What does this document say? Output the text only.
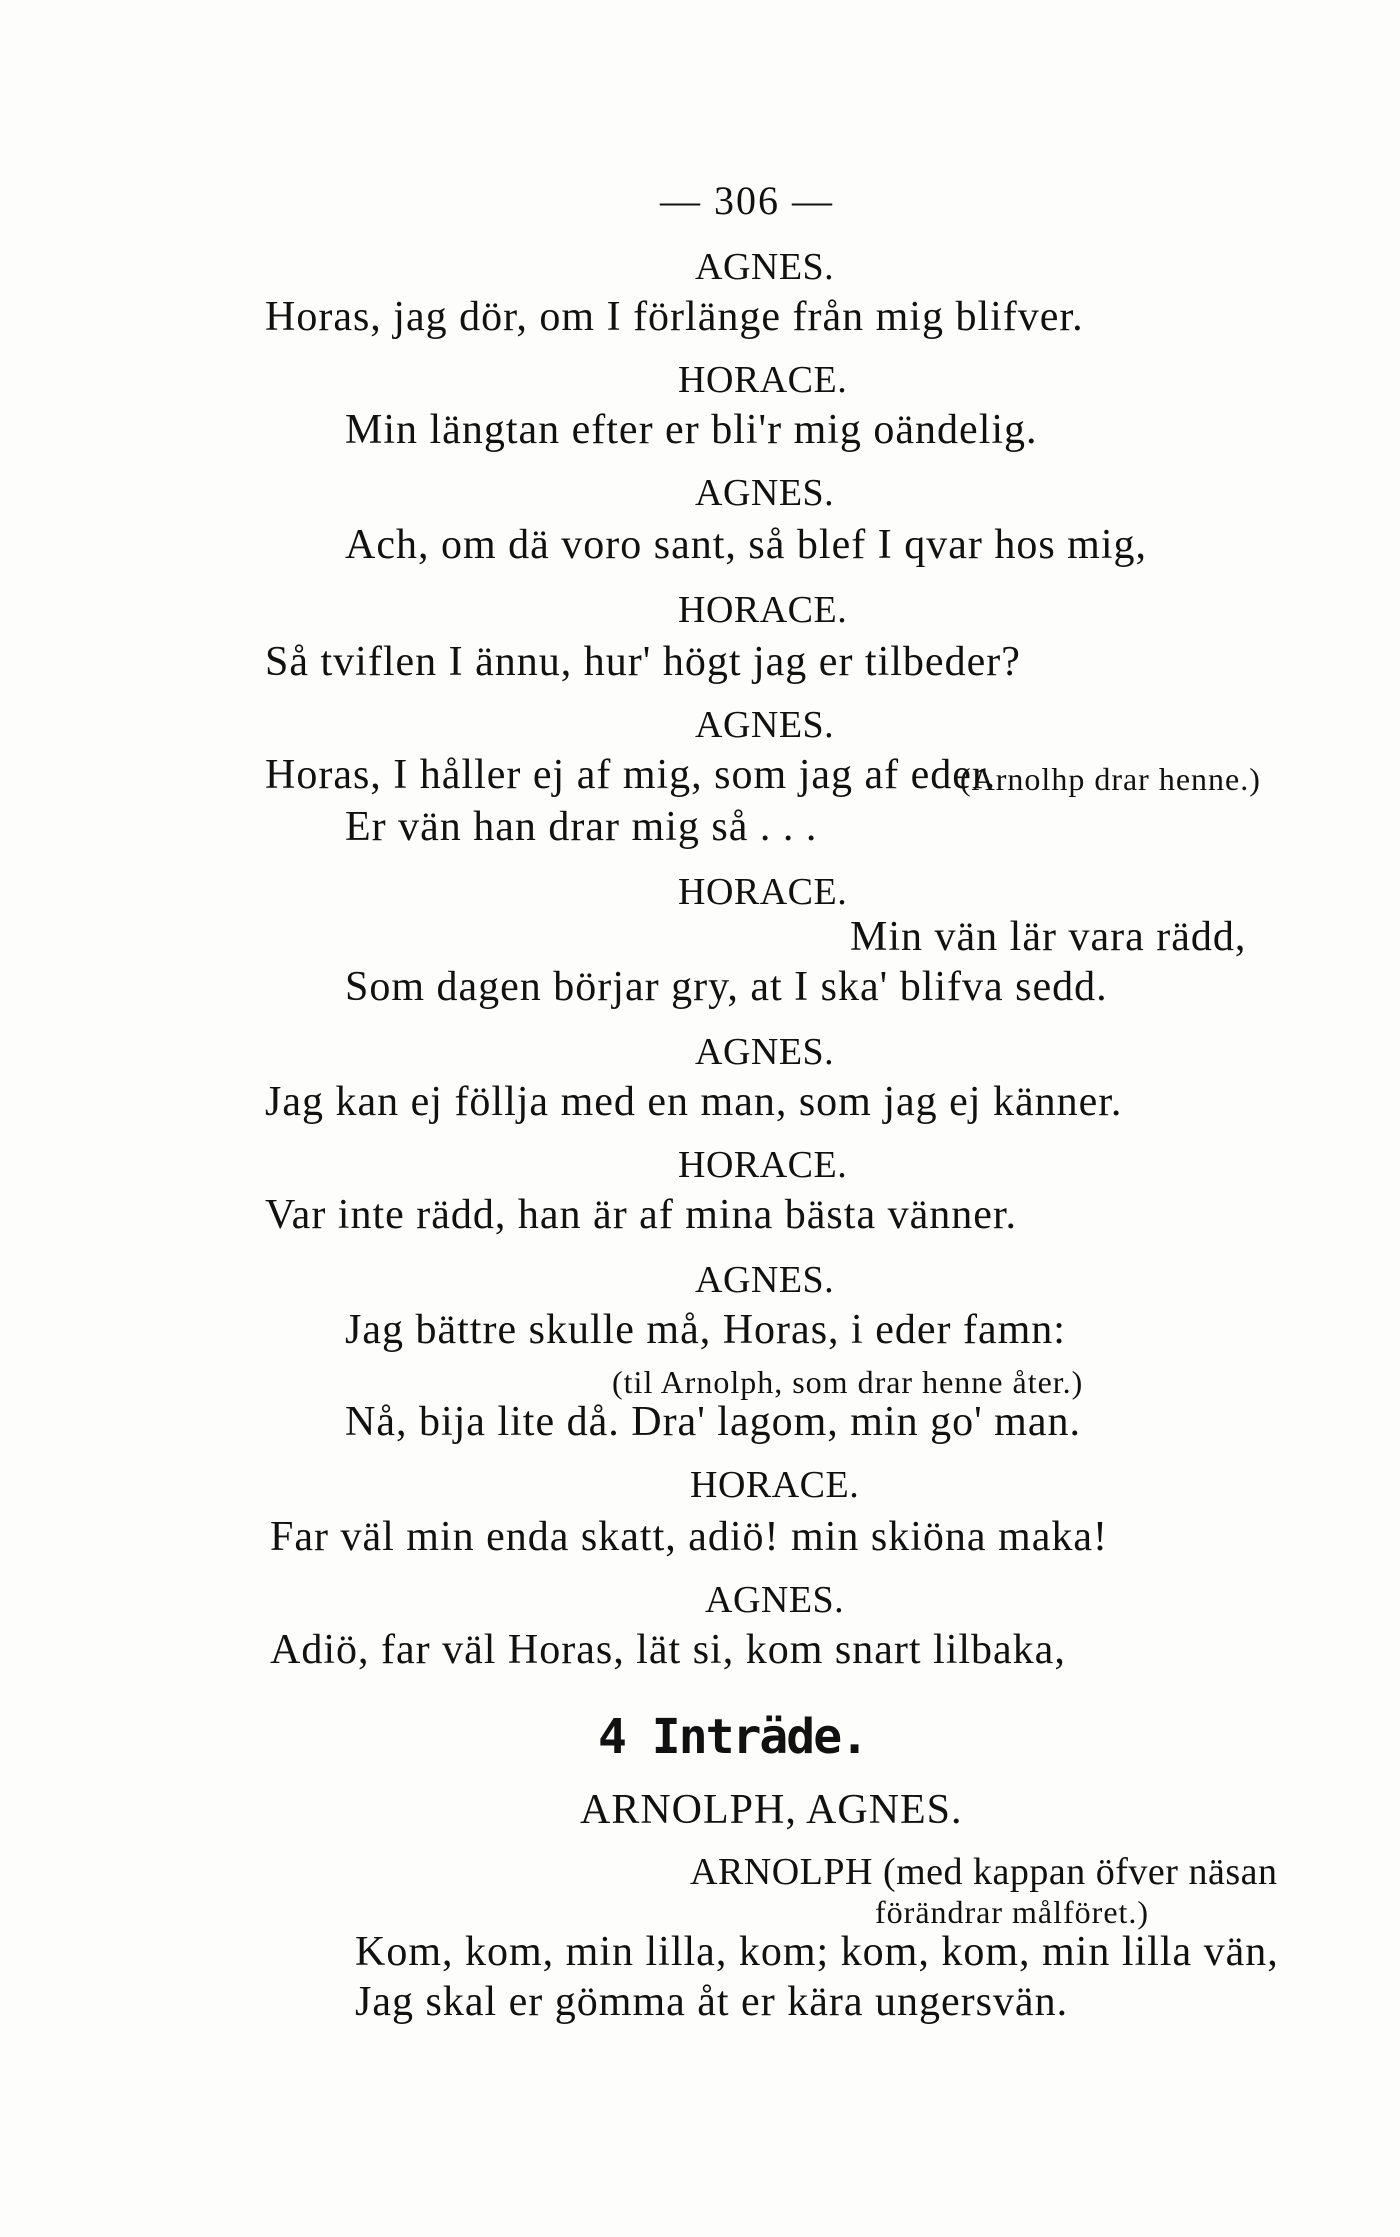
— 306 —
AGNES.
Horas, jag dör, om I förlänge från mig blifver.
HORACE.
Min längtan efter er bli'r mig oändelig.
AGNES.
Ach, om dä voro sant, så blef I qvar hos mig,
HORACE.
Så tviflen I ännu, hur' högt jag er tilbeder?
AGNES.
Horas, I håller ej af mig, som jag af eder.
(Arnolhp drar henne.)
Er vän han drar mig så . . .
HORACE.
Min vän lär vara rädd,
Som dagen börjar gry, at I ska' blifva sedd.
AGNES.
Jag kan ej föllja med en man, som jag ej känner.
HORACE.
Var inte rädd, han är af mina bästa vänner.
AGNES.
Jag bättre skulle må, Horas, i eder famn:
(til Arnolph, som drar henne åter.)
Nå, bija lite då. Dra' lagom, min go' man.
HORACE.
Far väl min enda skatt, adiö! min skiöna maka!
AGNES.
Adiö, far väl Horas, lät si, kom snart lilbaka,
4 Inträde.
ARNOLPH, AGNES.
ARNOLPH (med kappan öfver näsan
förändrar målföret.)
Kom, kom, min lilla, kom; kom, kom, min lilla vän,
Jag skal er gömma åt er kära ungersvän.
